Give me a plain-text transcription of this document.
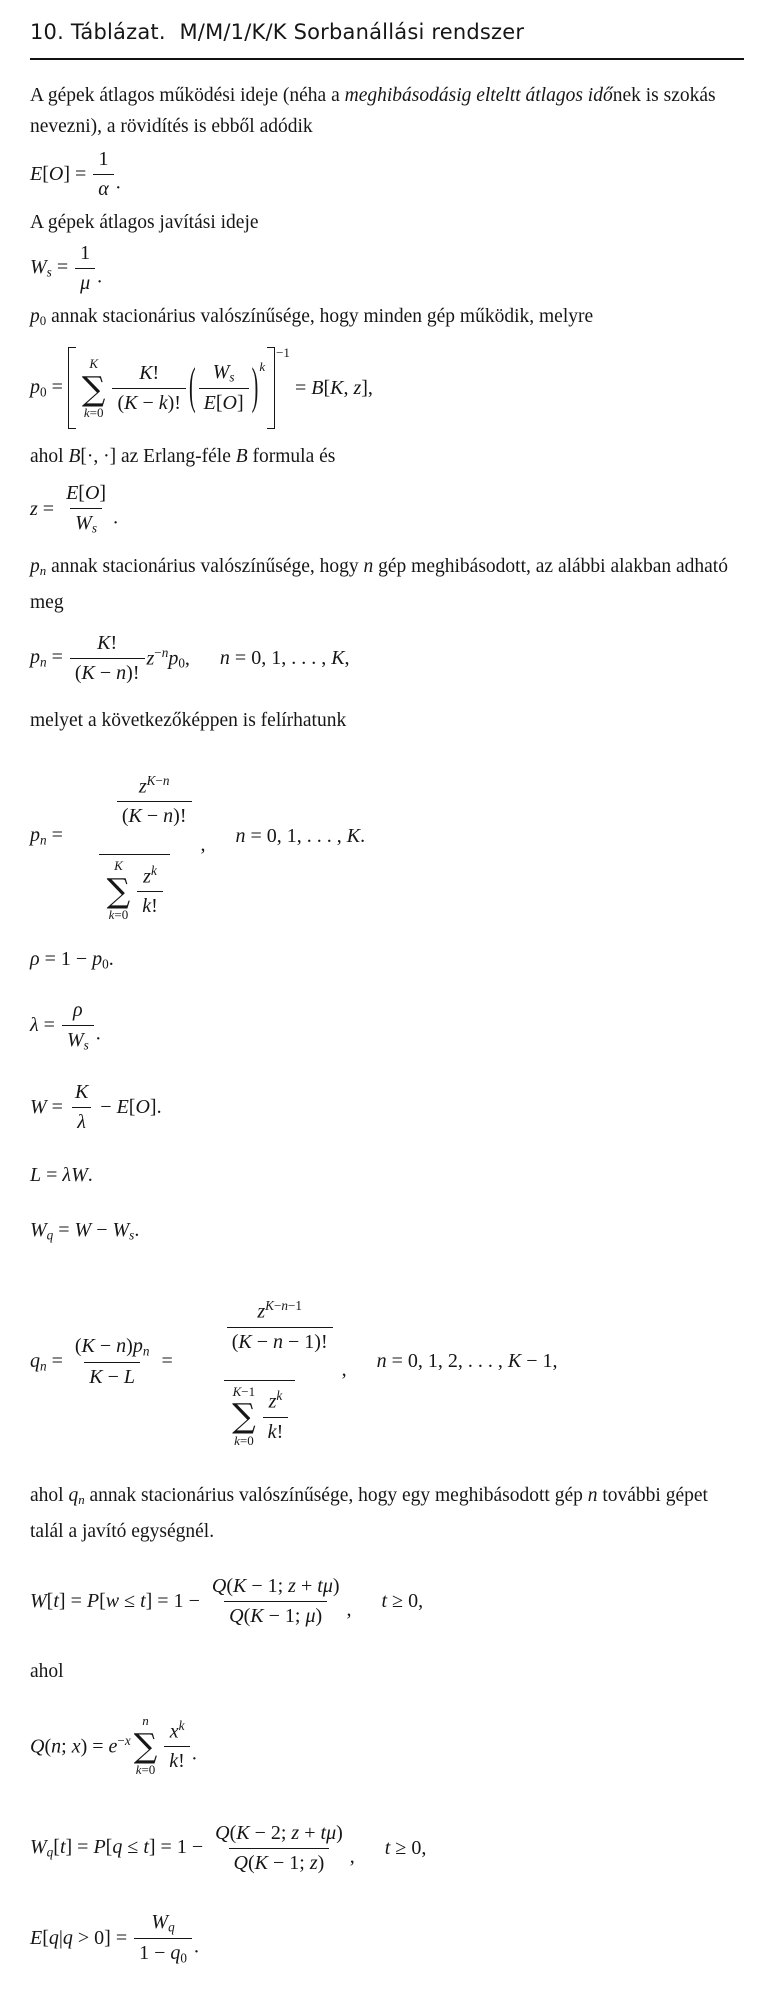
10. Táblázat.  M/M/1/K/K Sorbanállási rendszer

A gépek átlagos működési ideje (néha a meghibásodásig elteltt átlagos időnek is szokás nevezni), a rövidítés is ebből adódik

$E[O] = \frac{1}{\alpha}$ .

A gépek átlagos javítási ideje

$W_s = \frac{1}{\mu}$ .

$p_0$ annak stacionárius valószínűsége, hogy minden gép működik, melyre

$p_0$ =
K
∑
$k=0 \frac{K!}{(K - k)!}$ ( $\frac{W_s}{E[O]}$ ) k
−1
= B[K, z],

ahol B[·, ·] az Erlang-féle B formula és

$z = \frac{E[O]}{W_s}$ .

$p_n$ annak stacionárius valószínűsége, hogy n gép meghibásodott, az alábbi alakban adható meg

$p_n = \frac{K!}{(K - n)!} z^{-n}p_0$, n = 0, 1, . . . , K,

melyet a következőképpen is felírhatunk

$p_n$ =

$\frac{z^{K-n}}{(K - n)!}$

K
∑
$k=0 \frac{z^k}{k!}$
, n = 0, 1, . . . , K.
$\rho = 1 - p_0$.
$\lambda = \frac{\rho}{W_s}$ .
$W = \frac{K}{\lambda} - E[O]$.
L = λW.
$W_q = W - W_s$.
$q_n = \frac{(K - n)p_n}{K - L}$ =

$\frac{z^{K-n-1}}{(K - n - 1)!}$

K−1
∑
$k=0 \frac{z^k}{k!}$
, n = 0, 1, 2, . . . , K − 1,

ahol $q_n$ annak stacionárius valószínűsége, hogy egy meghibásodott gép n további gépet talál a javító egységnél.

$W[t] = P[w \le t] = 1 - \frac{Q(K - 1; z + t\mu)}{Q(K - 1; \mu)}$ , t ≥ 0,

ahol

Q(n; $x) = e^{-x}$
n
∑
$k=0 \frac{x^k}{k!}$ .
$W_q[t] = P[q \le t] = 1 - \frac{Q(K - 2; z + t\mu)}{Q(K - 1; z)}$ , t ≥ 0,
$E[q|q > 0] = \frac{W_q}{1 - q_0}$ .
